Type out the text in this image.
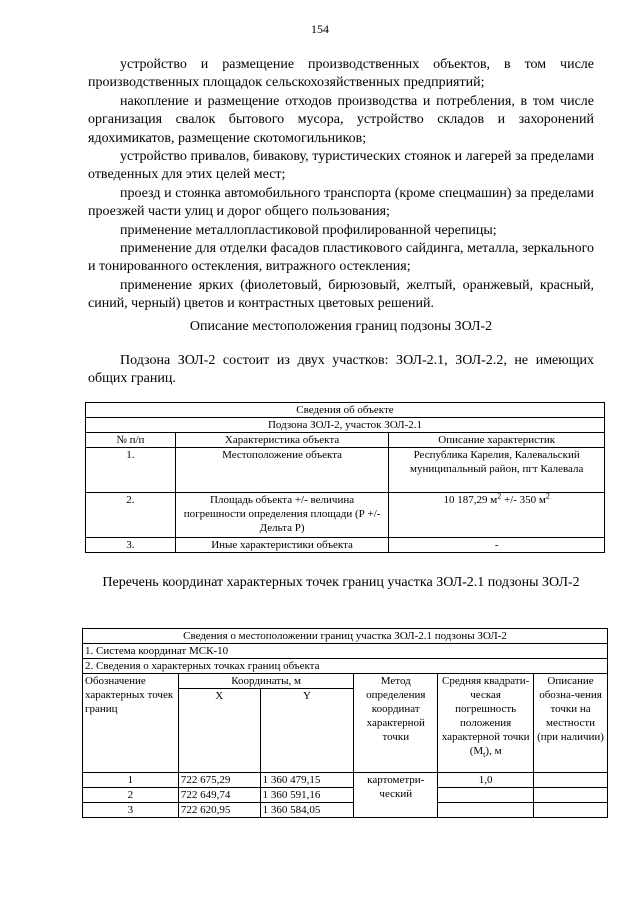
154

устройство и размещение производственных объектов, в том числе производственных площадок сельскохозяйственных предприятий;

накопление и размещение отходов производства и потребления, в том числе организация свалок бытового мусора, устройство складов и захоронений ядохимикатов, размещение скотомогильников;

устройство привалов, бивакову, туристических стоянок и лагерей за пределами отведенных для этих целей мест;

проезд и стоянка автомобильного транспорта (кроме спецмашин) за пределами проезжей части улиц и дорог общего пользования;

применение металлопластиковой профилированной черепицы;

применение для отделки фасадов пластикового сайдинга, металла, зеркального и тонированного остекления, витражного остекления;

применение ярких (фиолетовый, бирюзовый, желтый, оранжевый, красный, синий, черный) цветов и контрастных цветовых решений.

Описание местоположения границ подзоны ЗОЛ-2

Подзона ЗОЛ-2 состоит из двух участков: ЗОЛ-2.1, ЗОЛ-2.2, не имеющих общих границ.

Сведения об объекте		
Подзона ЗОЛ-2, участок ЗОЛ-2.1		
№ п/п	Характеристика объекта	Описание характеристик
1.	Местоположение объекта	Республика Карелия, Калевальский муниципальный район, пгт Калевала
2.	Площадь объекта +/- величина погрешности определения площади (Р +/- Дельта Р)	10 187,29 $м^2$ +/- 350 $м^2$
3.	Иные характеристики объекта	-
Перечень координат характерных точек границ участка ЗОЛ-2.1 подзоны ЗОЛ-2
Сведения о местоположении границ участка ЗОЛ-2.1 подзоны ЗОЛ-2					
1. Система координат МСК-10					
2. Сведения о характерных точках границ объекта					
Обозначение характерных точек границ	Координаты, м		Метод определения координат характерной точки	Средняя квадрати-ческая погрешность положения характерной точки $(M_t)$, м	Описание обозна-чения точки на местности (при наличии)
	X	Y			
1	722 675,29	1 360 479,15	картометри-ческий	1,0	
2	722 649,74	1 360 591,16			
3	722 620,95	1 360 584,05			
